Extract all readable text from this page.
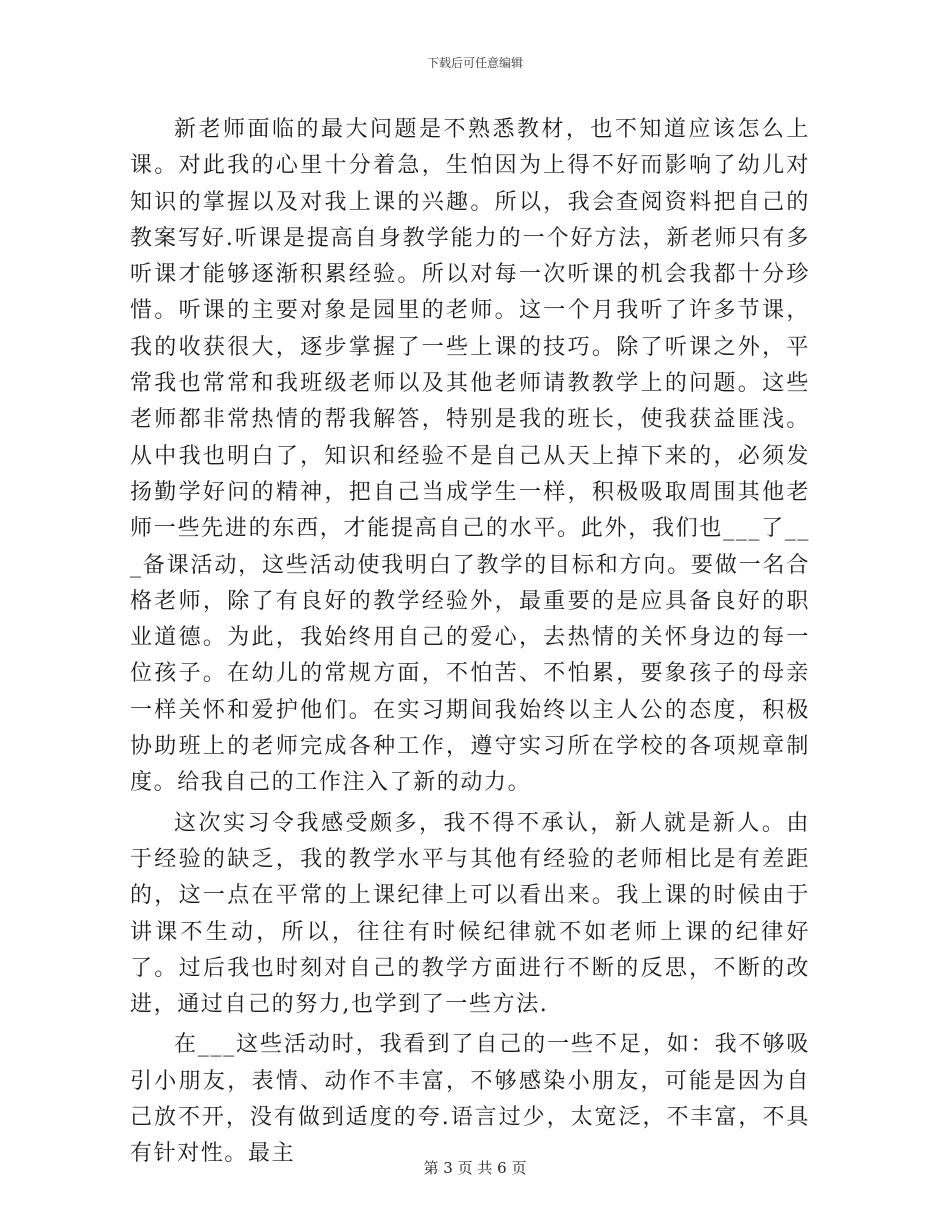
下载后可任意编辑

新老师面临的最大问题是不熟悉教材，也不知道应该怎么上课。对此我的心里十分着急，生怕因为上得不好而影响了幼儿对知识的掌握以及对我上课的兴趣。所以，我会查阅资料把自己的教案写好.听课是提高自身教学能力的一个好方法，新老师只有多听课才能够逐渐积累经验。所以对每一次听课的机会我都十分珍惜。听课的主要对象是园里的老师。这一个月我听了许多节课，我的收获很大，逐步掌握了一些上课的技巧。除了听课之外，平常我也常常和我班级老师以及其他老师请教教学上的问题。这些老师都非常热情的帮我解答，特别是我的班长，使我获益匪浅。从中我也明白了，知识和经验不是自己从天上掉下来的，必须发扬勤学好问的精神，把自己当成学生一样，积极吸取周围其他老师一些先进的东西，才能提高自己的水平。此外，我们也___了___备课活动，这些活动使我明白了教学的目标和方向。要做一名合格老师，除了有良好的教学经验外，最重要的是应具备良好的职业道德。为此，我始终用自己的爱心，去热情的关怀身边的每一位孩子。在幼儿的常规方面，不怕苦、不怕累，要象孩子的母亲一样关怀和爱护他们。在实习期间我始终以主人公的态度，积极协助班上的老师完成各种工作，遵守实习所在学校的各项规章制度。给我自己的工作注入了新的动力。

这次实习令我感受颇多，我不得不承认，新人就是新人。由于经验的缺乏，我的教学水平与其他有经验的老师相比是有差距的，这一点在平常的上课纪律上可以看出来。我上课的时候由于讲课不生动，所以，往往有时候纪律就不如老师上课的纪律好了。过后我也时刻对自己的教学方面进行不断的反思，不断的改进，通过自己的努力,也学到了一些方法.

在___这些活动时，我看到了自己的一些不足，如：我不够吸引小朋友，表情、动作不丰富，不够感染小朋友，可能是因为自己放不开，没有做到适度的夸.语言过少，太宽泛，不丰富，不具有针对性。最主

第 3 页 共 6 页
